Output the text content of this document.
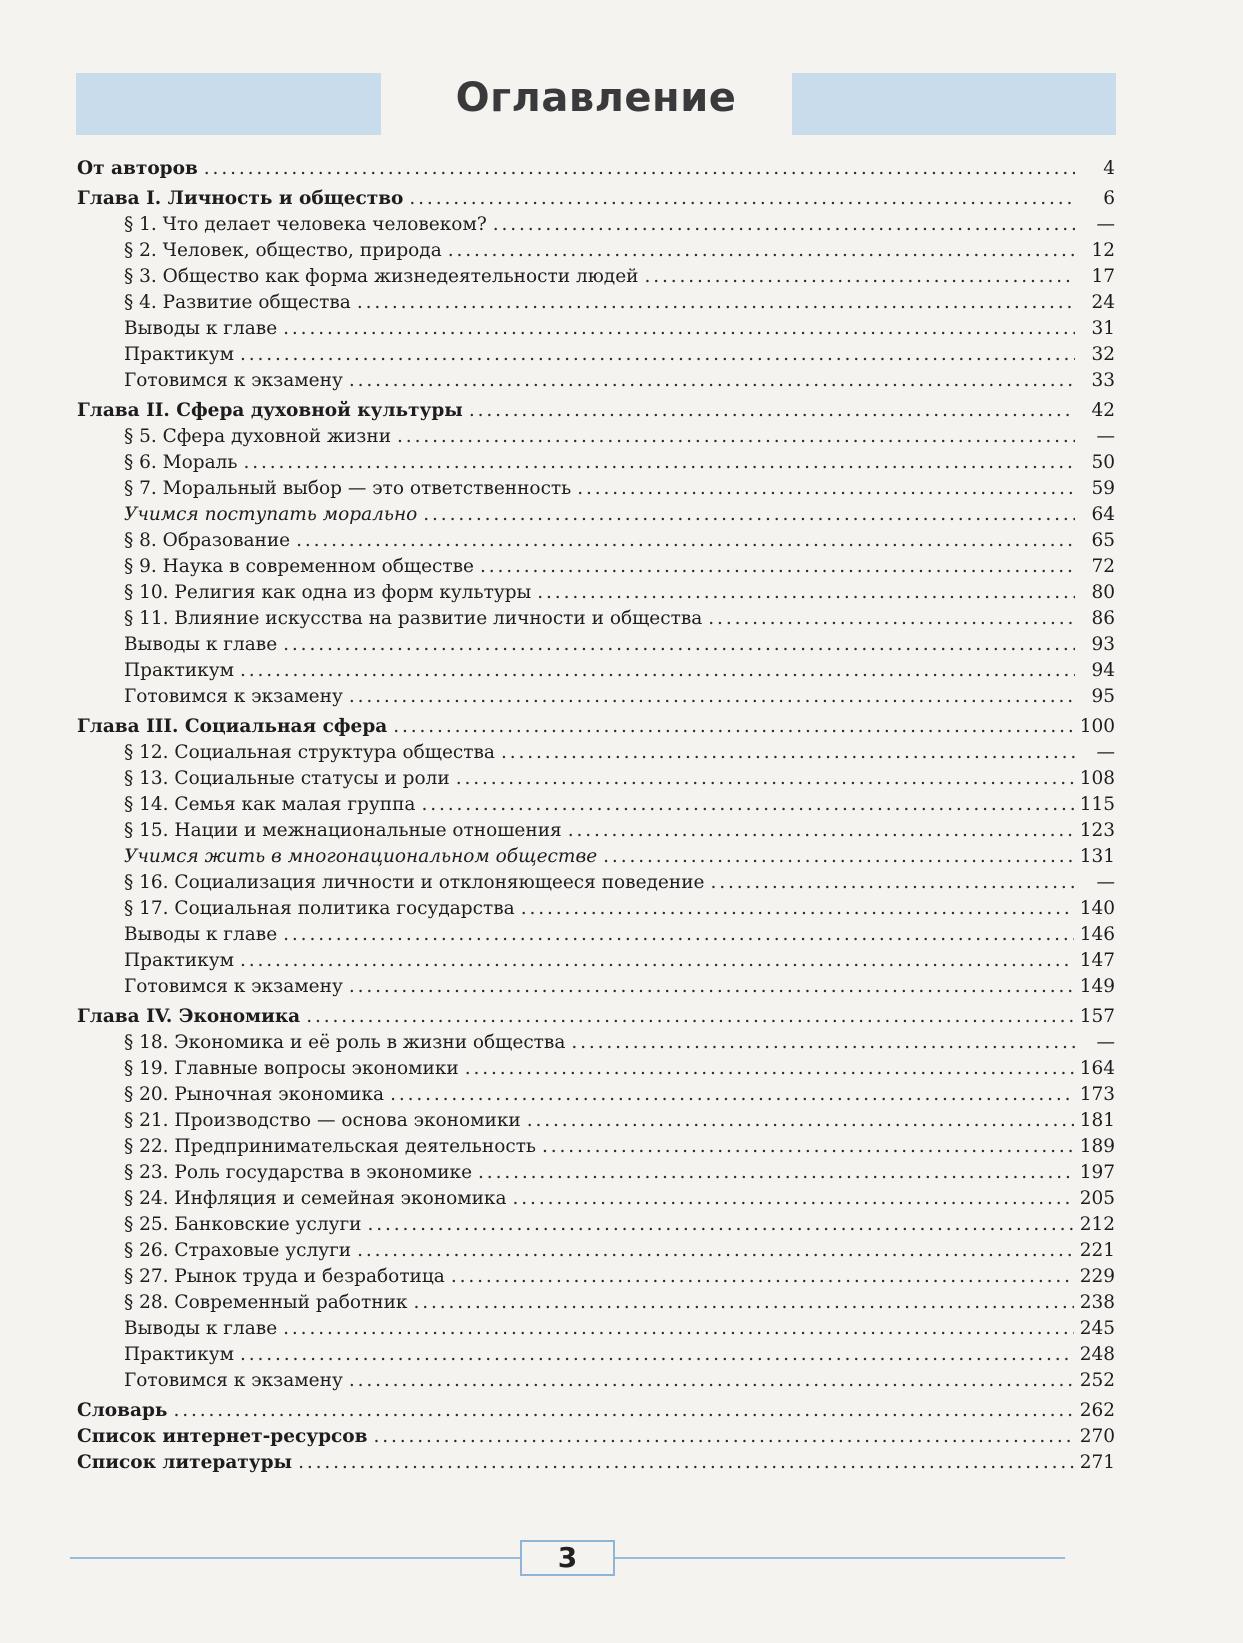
Оглавление
От авторов . . .	4
Глава I. Личность и общество . . .	6
§ 1. Что делает человека человеком? . . .	—
§ 2. Человек, общество, природа . . .	12
§ 3. Общество как форма жизнедеятельности людей . . .	17
§ 4. Развитие общества . . .	24
Выводы к главе . . .	31
Практикум . . .	32
Готовимся к экзамену . . .	33
Глава II. Сфера духовной культуры . . .	42
§ 5. Сфера духовной жизни . . .	—
§ 6. Мораль . . .	50
§ 7. Моральный выбор — это ответственность . . .	59
Учимся поступать морально . . .	64
§ 8. Образование . . .	65
§ 9. Наука в современном обществе . . .	72
§ 10. Религия как одна из форм культуры . . .	80
§ 11. Влияние искусства на развитие личности и общества . . .	86
Выводы к главе . . .	93
Практикум . . .	94
Готовимся к экзамену . . .	95
Глава III. Социальная сфера . . .	100
§ 12. Социальная структура общества . . .	—
§ 13. Социальные статусы и роли . . .	108
§ 14. Семья как малая группа . . .	115
§ 15. Нации и межнациональные отношения . . .	123
Учимся жить в многонациональном обществе . . .	131
§ 16. Социализация личности и отклоняющееся поведение . . .	—
§ 17. Социальная политика государства . . .	140
Выводы к главе . . .	146
Практикум . . .	147
Готовимся к экзамену . . .	149
Глава IV. Экономика . . .	157
§ 18. Экономика и её роль в жизни общества . . .	—
§ 19. Главные вопросы экономики . . .	164
§ 20. Рыночная экономика . . .	173
§ 21. Производство — основа экономики . . .	181
§ 22. Предпринимательская деятельность . . .	189
§ 23. Роль государства в экономике . . .	197
§ 24. Инфляция и семейная экономика . . .	205
§ 25. Банковские услуги . . .	212
§ 26. Страховые услуги . . .	221
§ 27. Рынок труда и безработица . . .	229
§ 28. Современный работник . . .	238
Выводы к главе . . .	245
Практикум . . .	248
Готовимся к экзамену . . .	252
Словарь . . .	262
Список интернет-ресурсов . . .	270
Список литературы . . .	271
3
